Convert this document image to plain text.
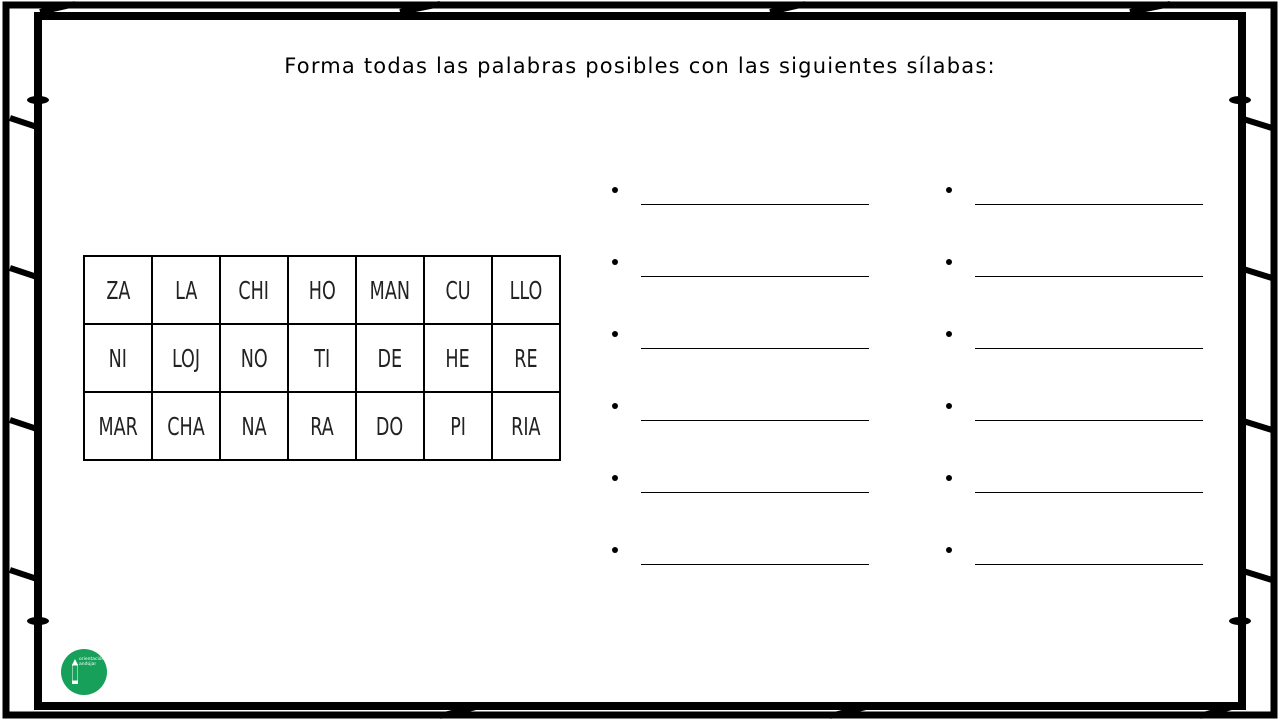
Forma todas las palabras posibles con las siguientes sílabas:
ZA	LA	CHI	HO	MAN	CU	LLO
NI	LOJ	NO	TI	DE	HE	RE
MAR	CHA	NA	RA	DO	PI	RIA
orientación andújar
